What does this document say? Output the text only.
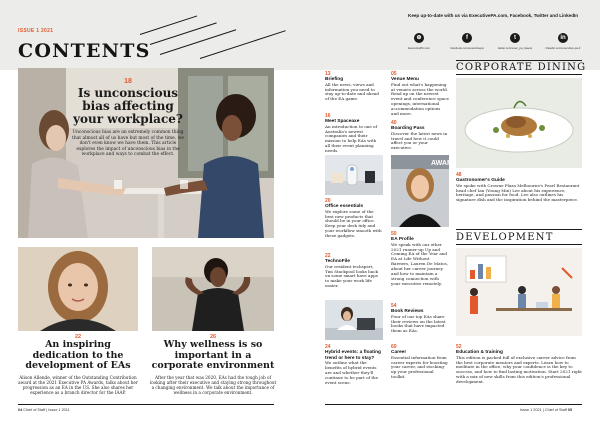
ISSUE 1 2021
CONTENTS
Keep up-to-date with us via ExecutivePA.com, Facebook, Twitter and LinkedIn
⊕
ExecutivePA.com
f
facebook.com/executivepa
t
twitter.com/exec_pa_tweets
in
linkedin.com/executive-pa-3
18
Is unconscious bias affecting your workplace?
Unconscious bias are an extremely common thing that almost all of us have but most of the time, we don't even know we have them. This article explores the impact of unconscious bias in the workplace and ways to combat the effect.
22
An inspiring dedication to the development of EAs
Alison Allende, winner of the Outstanding Contribution award at the 2021 Executive PA Awards, talks about her progression as an EA in the US. She also shares her experience as a branch director for the IAAP.
26
Why wellness is so important in a corporate environment
After the year that was 2020, EAs had the tough job of looking after their executive and staying strong throughout a changing environment. We talk about the importance of wellness in a corporate environment.
13
Briefing
All the news, views and information you need to stay up-to-date and ahead of the EA game.
16
Meet Spaceaxe
An introduction to one of Australia's newest companies and their mission to help EAs with all their event planning needs.
20
Office essentials
We explore some of the best new products that should be in your office. Keep your desk tidy and your workflow smooth with these gadgets.
22
TechnoFile
Our resident techspert, Tim Stackpool looks back on some smart have apps to make your work life easier.
24
Hybrid events: a floating trend or here to stay?
We outline what the benefits of hybrid events are and whether they'll continue to be part of the event scene.
05
Venue Menu
Find out what's happening at venues across the world. Read up on the newest event and conference space openings, international accommodation options and more.
40
Boarding Pass
Discover the latest news in travel and how it could affect you or your executive.
AWAR
50
EA Profile
We speak with our other 2021 runner-up Up and Coming EA of the Year and EA at Life Without Barriers, Lauren De Matos, about her career journey and how to maintain a strong connection with your executive remotely.
54
Book Reviews
Four of our top EAs share their reviews on the latest books that have impacted them as EAs.
60
Career
Essential information from career experts for boosting your career, and stocking-up your professional toolkit.
CORPORATE DINING
48
Gastronomer's Guide
We spoke with Crowne Plaza Melbourne's Pearl Restaurant head chef Ian (Young Min) Lee about his experience, heritage, and passion for food. Lee also outlines his signature dish and the inspiration behind the masterpiece.
DEVELOPMENT
52
Education & training
This edition is packed full of exclusive career advice from the best corporate mentors and experts. Learn how to meditate in the office, why your confidence is the key to success, and how to find lasting motivation. Start 2021 right with a mix of new skills from this edition's professional development.
04 Chief of Staff | Issue 1 2011	Issue 1 2021 | Chief of Staff 05
